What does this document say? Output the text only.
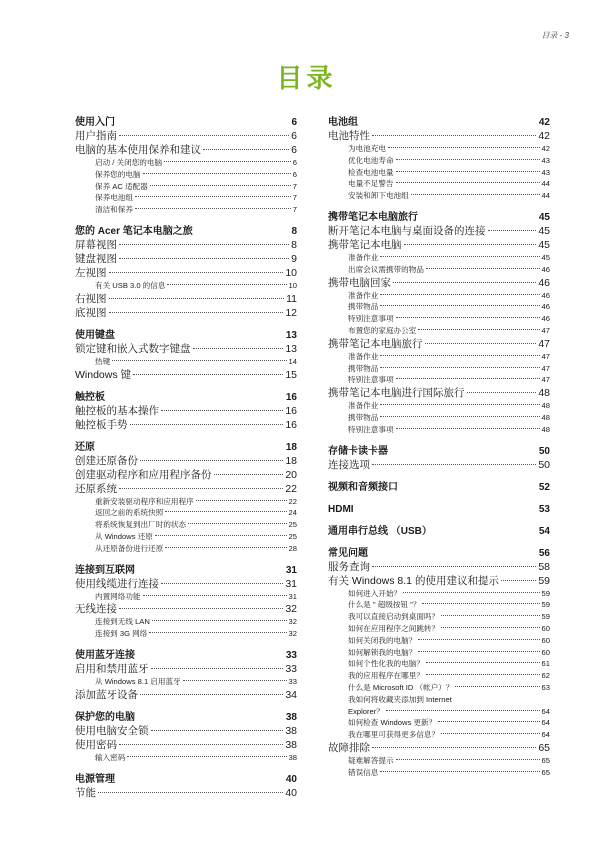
目录 - 3
目录
使用入门	6
用户指南	6
电脑的基本使用保养和建议	6
启动 / 关闭您的电脑	6
保养您的电脑	6
保养 AC 适配器	7
保养电池组	7
清洁和保养	7
您的 Acer 笔记本电脑之旅	8
屏幕视图	8
键盘视图	9
左视图	10
有关 USB 3.0 的信息	10
右视图	11
底视图	12
使用键盘	13
锁定键和嵌入式数字键盘	13
热键	14
Windows 键	15
触控板	16
触控板的基本操作	16
触控板手势	16
还原	18
创建还原备份	18
创建驱动程序和应用程序备份	20
还原系统	22
重新安装驱动程序和应用程序	22
返回之前的系统快照	24
将系统恢复到出厂时的状态	25
从 Windows 还原	25
从还原备份进行还原	28
连接到互联网	31
使用线缆进行连接	31
内置网络功能	31
无线连接	32
连接到无线 LAN	32
连接到 3G 网络	32
使用蓝牙连接	33
启用和禁用蓝牙	33
从 Windows 8.1 启用蓝牙	33
添加蓝牙设备	34
保护您的电脑	38
使用电脑安全锁	38
使用密码	38
输入密码	38
电源管理	40
节能	40
电池组	42
电池特性	42
为电池充电	42
优化电池寿命	43
检查电池电量	43
电量不足警告	44
安装和卸下电池组	44
携带笔记本电脑旅行	45
断开笔记本电脑与桌面设备的连接	45
携带笔记本电脑	45
准备作业	45
出席会议需携带的物品	46
携带电脑回家	46
准备作业	46
携带物品	46
特别注意事项	46
布置您的家庭办公室	47
携带笔记本电脑旅行	47
准备作业	47
携带物品	47
特别注意事项	47
携带笔记本电脑进行国际旅行	48
准备作业	48
携带物品	48
特别注意事项	48
存储卡读卡器	50
连接选项	50
视频和音频接口	52
HDMI	53
通用串行总线 （USB）	54
常见问题	56
服务查询	58
有关 Windows 8.1 的使用建议和提示	59
如何进入开始？	59
什么是 " 超级按钮 "？	59
我可以直接启动到桌面吗？	59
如何在应用程序之间跳转？	60
如何关闭我的电脑？	60
如何解锁我的电脑？	60
如何个性化我的电脑？	61
我的应用程序在哪里？	62
什么是 Microsoft ID （帐户）？	63
我如何将收藏夹添加到 Internet
Explorer？	64
如何检查 Windows 更新？	64
我在哪里可获得更多信息？	64
故障排除	65
疑难解答提示	65
错误信息	65
